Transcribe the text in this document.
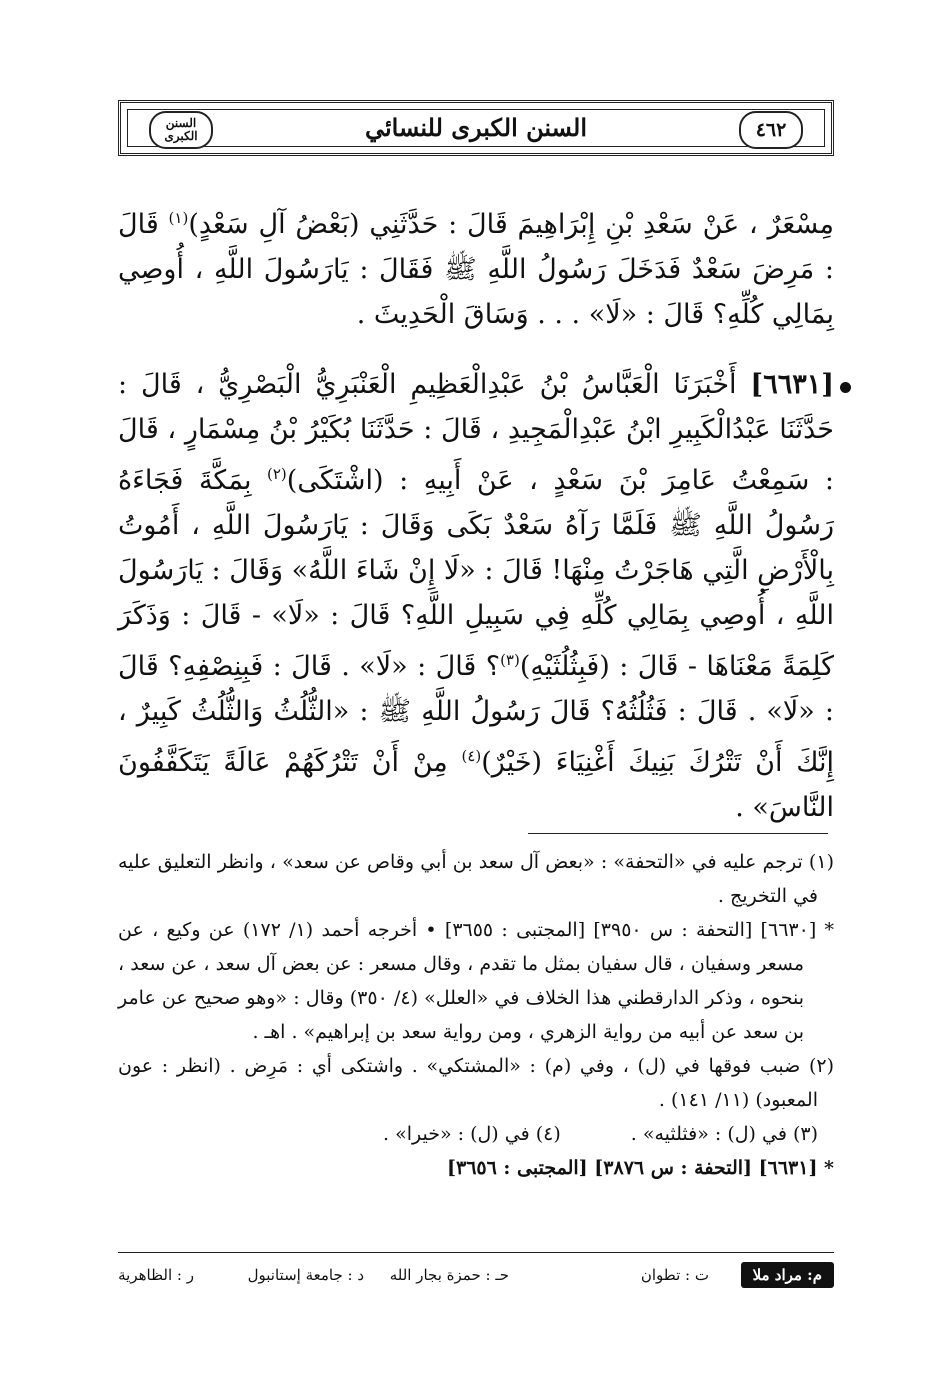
٤٦٢
السنن الكبرى للنسائي
السنن الكبرى

مِسْعَرٌ ، عَنْ سَعْدِ بْنِ إِبْرَاهِيمَ قَالَ : حَدَّثَنِي (بَعْضُ آلِ سَعْدٍ)$^{(١)}$ قَالَ : مَرِضَ سَعْدٌ فَدَخَلَ رَسُولُ اللَّهِ ﷺ فَقَالَ : يَارَسُولَ اللَّهِ ، أُوصِي بِمَالِي كُلِّهِ؟ قَالَ : «لَا» . . . وَسَاقَ الْحَدِيثَ .

[٦٦٣١] أَخْبَرَنَا الْعَبَّاسُ بْنُ عَبْدِالْعَظِيمِ الْعَنْبَرِيُّ الْبَصْرِيُّ ، قَالَ : حَدَّثَنَا عَبْدُالْكَبِيرِ ابْنُ عَبْدِالْمَجِيدِ ، قَالَ : حَدَّثَنَا بُكَيْرُ بْنُ مِسْمَارٍ ، قَالَ : سَمِعْتُ عَامِرَ بْنَ سَعْدٍ ، عَنْ أَبِيهِ : (اشْتَكَى)$^{(٢)}$ بِمَكَّةَ فَجَاءَهُ رَسُولُ اللَّهِ ﷺ فَلَمَّا رَآهُ سَعْدٌ بَكَى وَقَالَ : يَارَسُولَ اللَّهِ ، أَمُوتُ بِالْأَرْضِ الَّتِي هَاجَرْتُ مِنْهَا! قَالَ : «لَا إِنْ شَاءَ اللَّهُ» وَقَالَ : يَارَسُولَ اللَّهِ ، أُوصِي بِمَالِي كُلِّهِ فِي سَبِيلِ اللَّهِ؟ قَالَ : «لَا» - قَالَ : وَذَكَرَ كَلِمَةً مَعْنَاهَا - قَالَ : (فَبِثُلُثَيْهِ)$^{(٣)}$؟ قَالَ : «لَا» . قَالَ : فَبِنِصْفِهِ؟ قَالَ : «لَا» . قَالَ : فَثُلُثُهُ؟ قَالَ رَسُولُ اللَّهِ ﷺ : «الثُّلُثُ وَالثُّلُثُ كَبِيرٌ ، إِنَّكَ أَنْ تَتْرُكَ بَنِيكَ أَغْنِيَاءَ (خَيْرٌ)$^{(٤)}$ مِنْ أَنْ تَتْرُكَهُمْ عَالَةً يَتَكَفَّفُونَ النَّاسَ» .

(١) ترجم عليه في «التحفة» : «بعض آل سعد بن أبي وقاص عن سعد» ، وانظر التعليق عليه في التخريج .

* [٦٦٣٠] [التحفة : س ٣٩٥٠] [المجتبى : ٣٦٥٥] • أخرجه أحمد (١/ ١٧٢) عن وكيع ، عن مسعر وسفيان ، قال سفيان بمثل ما تقدم ، وقال مسعر : عن بعض آل سعد ، عن سعد ، بنحوه ، وذكر الدارقطني هذا الخلاف في «العلل» (٤/ ٣٥٠) وقال : «وهو صحيح عن عامر بن سعد عن أبيه من رواية الزهري ، ومن رواية سعد بن إبراهيم» . اهـ .

(٢) ضبب فوقها في (ل) ، وفي (م) : «المشتكي» . واشتكى أي : مَرِض . (انظر : عون المعبود) (١١/ ١٤١) .

(٣) في (ل) : «فثلثيه» .
(٤) في (ل) : «خيرا» .

* [٦٦٣١] [التحفة : س ٣٨٧٦] [المجتبى : ٣٦٥٦]

م: مراد ملا
ت : تطوان
حـ : حمزة بجار الله
د : جامعة إستانبول
ر : الظاهرية
